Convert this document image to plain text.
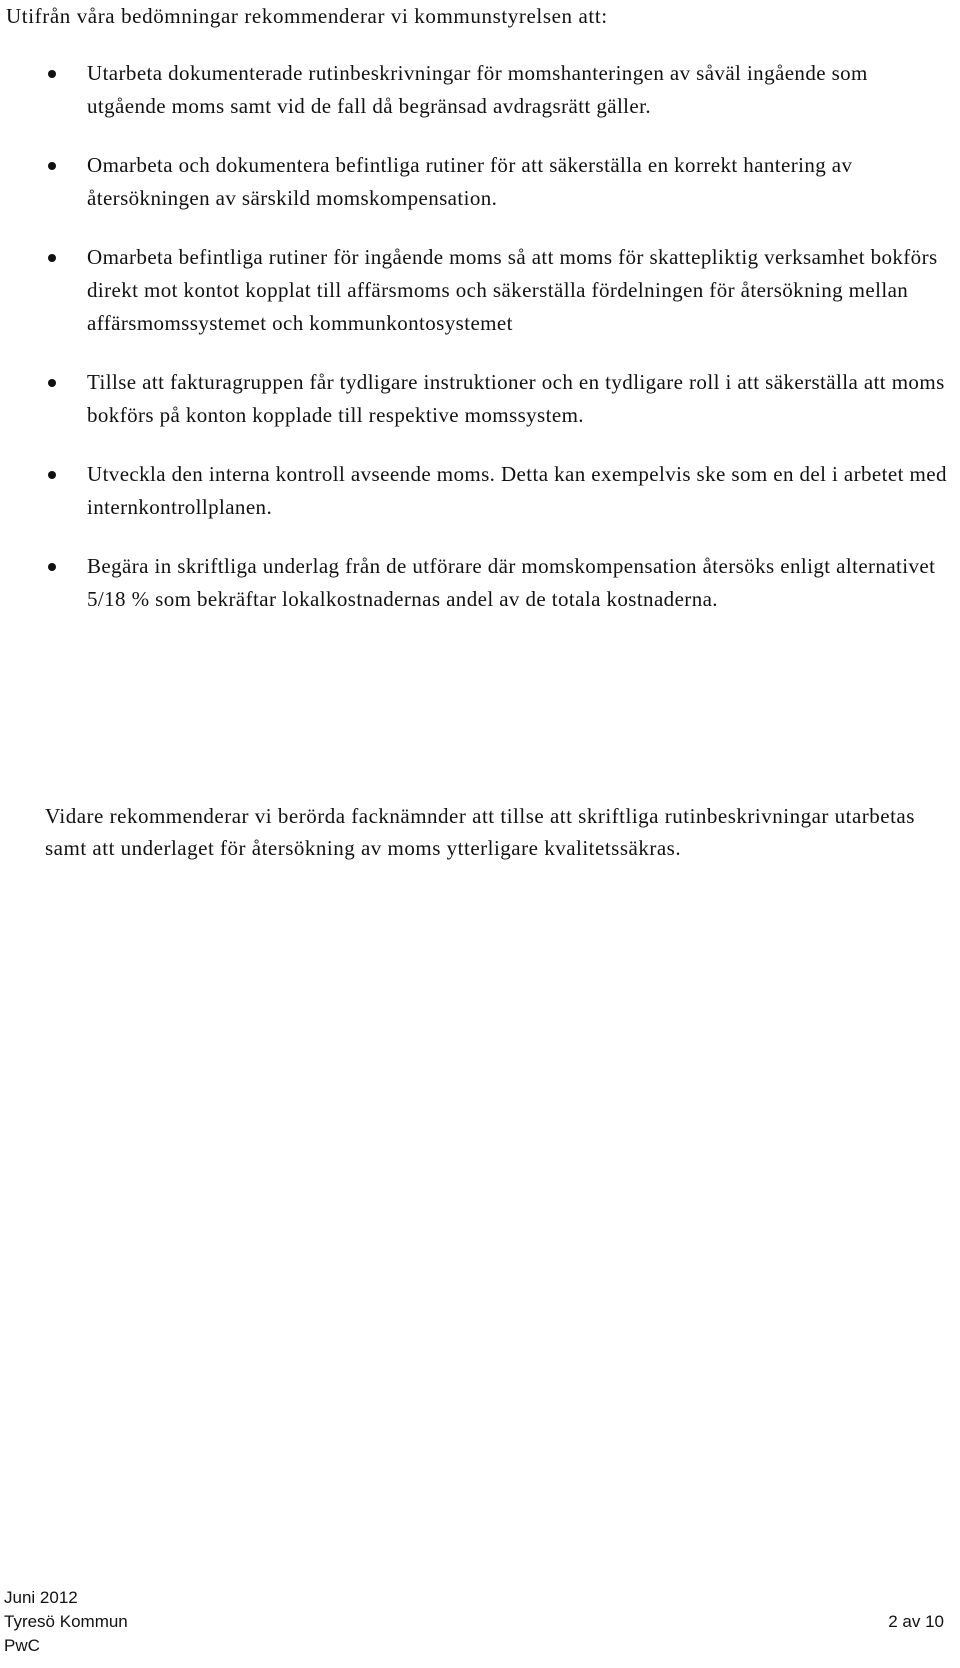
Utifrån våra bedömningar rekommenderar vi kommunstyrelsen att:

Utarbeta dokumenterade rutinbeskrivningar för momshanteringen av såväl ingående som utgående moms samt vid de fall då begränsad avdragsrätt gäller.
Omarbeta och dokumentera befintliga rutiner för att säkerställa en korrekt hantering av återsökningen av särskild momskompensation.
Omarbeta befintliga rutiner för ingående moms så att moms för skattepliktig verksamhet bokförs direkt mot kontot kopplat till affärsmoms och säkerställa fördelningen för återsökning mellan affärsmomssystemet och kommunkontosystemet
Tillse att fakturagruppen får tydligare instruktioner och en tydligare roll i att säkerställa att moms bokförs på konton kopplade till respektive momssystem.
Utveckla den interna kontroll avseende moms. Detta kan exempelvis ske som en del i arbetet med internkontrollplanen.
Begära in skriftliga underlag från de utförare där momskompensation återsöks enligt alternativet 5/18 % som bekräftar lokalkostnadernas andel av de totala kostnaderna.

Vidare rekommenderar vi berörda facknämnder att tillse att skriftliga rutinbeskrivningar utarbetas samt att underlaget för återsökning av moms ytterligare kvalitetssäkras.

Juni 2012
Tyresö Kommun	2 av 10
PwC
